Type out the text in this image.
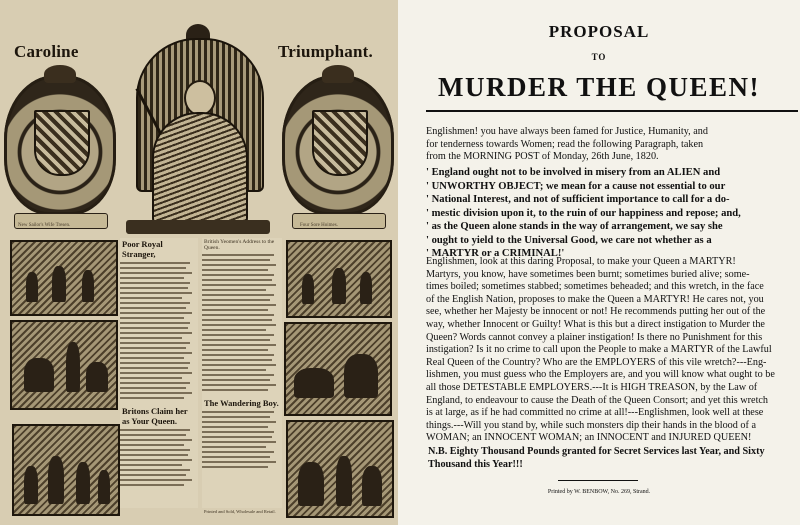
Caroline	Triumphant.
New Sailor's Wife Tresen.	Four Sore Hoimes.
Poor Royal Stranger,
Britons Claim her as Your Queen.
British Yeomen's Address to the Queen.
The Wandering Boy.
Printed and Sold, Wholesale and Retail.
PROPOSAL
TO
MURDER THE QUEEN!
Englishmen! you have always been famed for Justice, Humanity, and
for tenderness towards Women; read the following Paragraph, taken
from the MORNING POST of Monday, 26th June, 1820.
' England ought not to be involved in misery from an ALIEN and
' UNWORTHY OBJECT; we mean for a cause not essential to our
' National Interest, and not of sufficient importance to call for a do-
' mestic division upon it, to the ruin of our happiness and repose; and,
' as the Queen alone stands in the way of arrangement, we say she
' ought to yield to the Universal Good, we care not whether as a
' MARTYR or a CRIMINAL!'
Englishmen, look at this daring Proposal, to make your Queen a MARTYR!
Martyrs, you know, have sometimes been burnt; sometimes buried alive; some-
times boiled; sometimes stabbed; sometimes beheaded; and this wretch, in the face
of the English Nation, proposes to make the Queen a MARTYR! He cares not, you
see, whether her Majesty be innocent or not! He recommends putting her out of the
way, whether Innocent or Guilty! What is this but a direct instigation to Murder the
Queen? Words cannot convey a plainer instigation! Is there no Punishment for this
instigation? Is it no crime to call upon the People to make a MARTYR of the Lawful
Real Queen of the Country? Who are the EMPLOYERS of this vile wretch?---Eng-
lishmen, you must guess who the Employers are, and you will know what ought to be
all those DETESTABLE EMPLOYERS.---It is HIGH TREASON, by the Law of
England, to endeavour to cause the Death of the Queen Consort; and yet this wretch
is at large, as if he had committed no crime at all!---Englishmen, look well at these
things.---Will you stand by, while such monsters dip their hands in the blood of a
WOMAN; an INNOCENT WOMAN; an INNOCENT and INJURED QUEEN!
N.B. Eighty Thousand Pounds granted for Secret Services last Year, and Sixty
Thousand this Year!!!
Printed by W. BENBOW, No. 269, Strand.
